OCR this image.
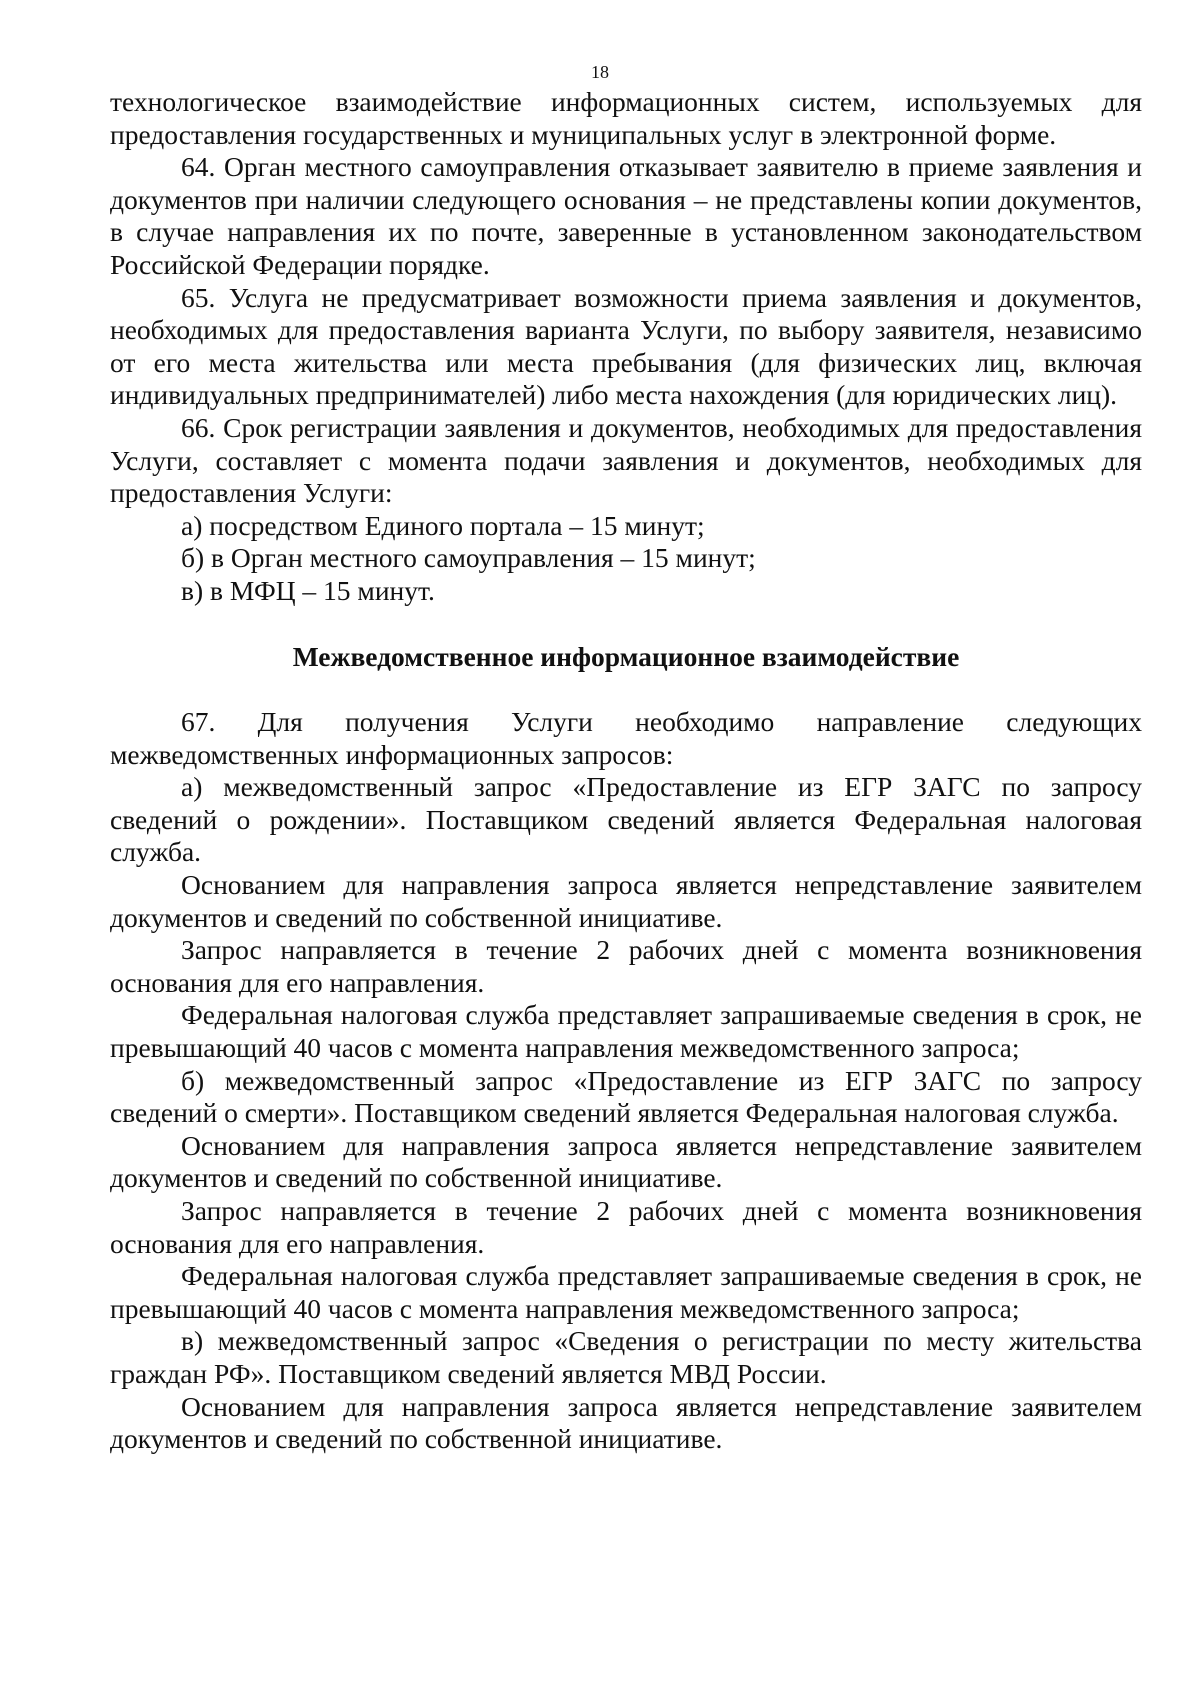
18

технологическое взаимодействие информационных систем, используемых для предоставления государственных и муниципальных услуг в электронной форме.

64. Орган местного самоуправления отказывает заявителю в приеме заявления и документов при наличии следующего основания – не представлены копии документов, в случае направления их по почте, заверенные в установленном законодательством Российской Федерации порядке.

65. Услуга не предусматривает возможности приема заявления и документов, необходимых для предоставления варианта Услуги, по выбору заявителя, независимо от его места жительства или места пребывания (для физических лиц, включая индивидуальных предпринимателей) либо места нахождения (для юридических лиц).

66. Срок регистрации заявления и документов, необходимых для предоставления Услуги, составляет с момента подачи заявления и документов, необходимых для предоставления Услуги:

а) посредством Единого портала – 15 минут;

б) в Орган местного самоуправления – 15 минут;

в) в МФЦ – 15 минут.

Межведомственное информационное взаимодействие

67. Для получения Услуги необходимо направление следующих межведомственных информационных запросов:

а) межведомственный запрос «Предоставление из ЕГР ЗАГС по запросу сведений о рождении». Поставщиком сведений является Федеральная налоговая служба.

Основанием для направления запроса является непредставление заявителем документов и сведений по собственной инициативе.

Запрос направляется в течение 2 рабочих дней с момента возникновения основания для его направления.

Федеральная налоговая служба представляет запрашиваемые сведения в срок, не превышающий 40 часов с момента направления межведомственного запроса;

б) межведомственный запрос «Предоставление из ЕГР ЗАГС по запросу сведений о смерти». Поставщиком сведений является Федеральная налоговая служба.

Основанием для направления запроса является непредставление заявителем документов и сведений по собственной инициативе.

Запрос направляется в течение 2 рабочих дней с момента возникновения основания для его направления.

Федеральная налоговая служба представляет запрашиваемые сведения в срок, не превышающий 40 часов с момента направления межведомственного запроса;

в) межведомственный запрос «Сведения о регистрации по месту жительства граждан РФ». Поставщиком сведений является МВД России.

Основанием для направления запроса является непредставление заявителем документов и сведений по собственной инициативе.
